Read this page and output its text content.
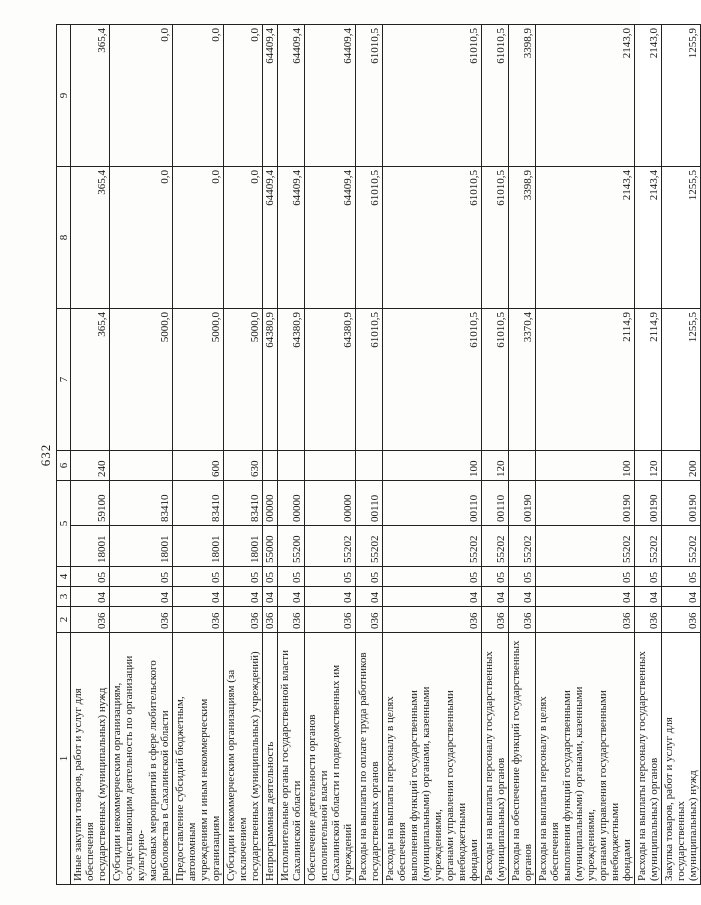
632
1	2	3	4	5		6	7	8	9
Иные закупки товаров, работ и услуг для обеспечения
государственных (муниципальных) нужд	036	04	05	18001	59100	240	365,4	365,4	365,4
Субсидии некоммерческим организациям,
осуществляющим деятельность по организации культурно-
массовых мероприятий в сфере любительского
рыболовства в Сахалинской области	036	04	05	18001	83410		5000,0	0,0	0,0
Предоставление субсидий бюджетным, автономным
учреждениям и иным некоммерческим организациям	036	04	05	18001	83410	600	5000,0	0,0	0,0
Субсидии некоммерческим организациям (за исключением
государственных (муниципальных) учреждений)	036	04	05	18001	83410	630	5000,0	0,0	0,0
Непрограммная деятельность	036	04	05	55000	00000		64380,9	64409,4	64409,4
Исполнительные органы государственной власти
Сахалинской области	036	04	05	55200	00000		64380,9	64409,4	64409,4
Обеспечение деятельности органов исполнительной власти
Сахалинской области и подведомственных им учреждений	036	04	05	55202	00000		64380,9	64409,4	64409,4
Расходы на выплаты по оплате труда работников
государственных органов	036	04	05	55202	00110		61010,5	61010,5	61010,5
Расходы на выплаты персоналу в целях обеспечения
выполнения функций государственными
(муниципальными) органами, казенными учреждениями,
органами управления государственными внебюджетными
фондами	036	04	05	55202	00110	100	61010,5	61010,5	61010,5
Расходы на выплаты персоналу государственных
(муниципальных) органов	036	04	05	55202	00110	120	61010,5	61010,5	61010,5
Расходы на обеспечение функций государственных
органов	036	04	05	55202	00190		3370,4	3398,9	3398,9
Расходы на выплаты персоналу в целях обеспечения
выполнения функций государственными
(муниципальными) органами, казенными учреждениями,
органами управления государственными внебюджетными
фондами	036	04	05	55202	00190	100	2114,9	2143,4	2143,0
Расходы на выплаты персоналу государственных
(муниципальных) органов	036	04	05	55202	00190	120	2114,9	2143,4	2143,0
Закупка товаров, работ и услуг для государственных
(муниципальных) нужд	036	04	05	55202	00190	200	1255,5	1255,5	1255,9
